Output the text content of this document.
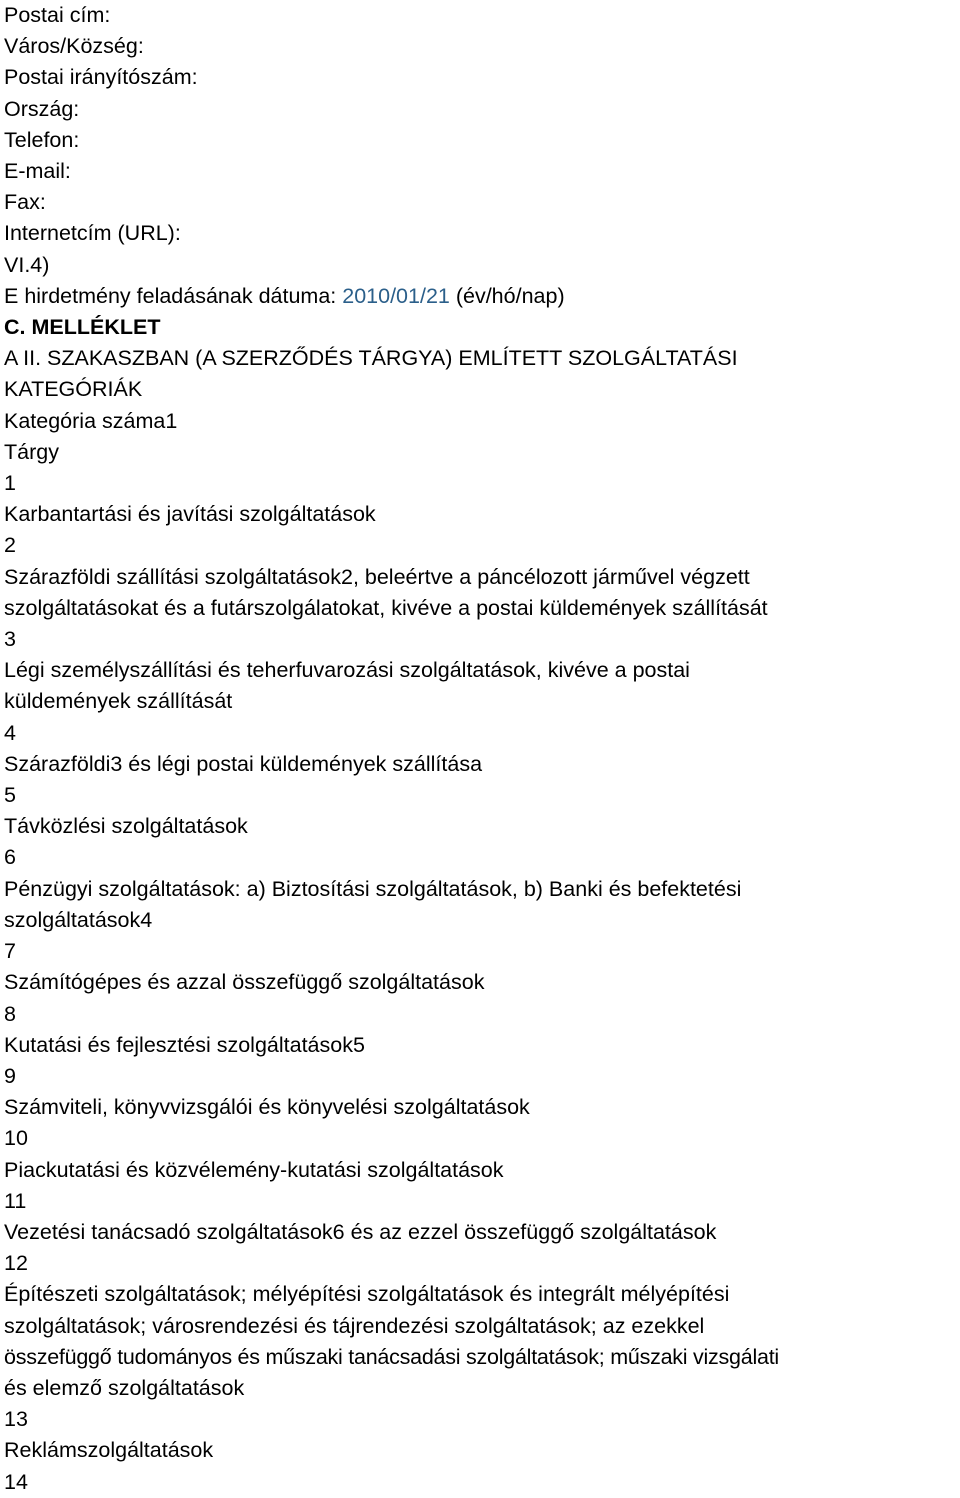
Postai cím:
Város/Község:
Postai irányítószám:
Ország:
Telefon:
E-mail:
Fax:
Internetcím (URL):
VI.4)
E hirdetmény feladásának dátuma: 2010/01/21 (év/hó/nap)
C. MELLÉKLET
A II. SZAKASZBAN (A SZERZŐDÉS TÁRGYA) EMLÍTETT SZOLGÁLTATÁSI
KATEGÓRIÁK
Kategória száma1
Tárgy
1
Karbantartási és javítási szolgáltatások
2
Szárazföldi szállítási szolgáltatások2, beleértve a páncélozott járművel végzett
szolgáltatásokat és a futárszolgálatokat, kivéve a postai küldemények szállítását
3
Légi személyszállítási és teherfuvarozási szolgáltatások, kivéve a postai
küldemények szállítását
4
Szárazföldi3 és légi postai küldemények szállítása
5
Távközlési szolgáltatások
6
Pénzügyi szolgáltatások: a) Biztosítási szolgáltatások, b) Banki és befektetési
szolgáltatások4
7
Számítógépes és azzal összefüggő szolgáltatások
8
Kutatási és fejlesztési szolgáltatások5
9
Számviteli, könyvvizsgálói és könyvelési szolgáltatások
10
Piackutatási és közvélemény-kutatási szolgáltatások
11
Vezetési tanácsadó szolgáltatások6 és az ezzel összefüggő szolgáltatások
12
Építészeti szolgáltatások; mélyépítési szolgáltatások és integrált mélyépítési
szolgáltatások; városrendezési és tájrendezési szolgáltatások; az ezekkel
összefüggő tudományos és műszaki tanácsadási szolgáltatások; műszaki vizsgálati
és elemző szolgáltatások
13
Reklámszolgáltatások
14
